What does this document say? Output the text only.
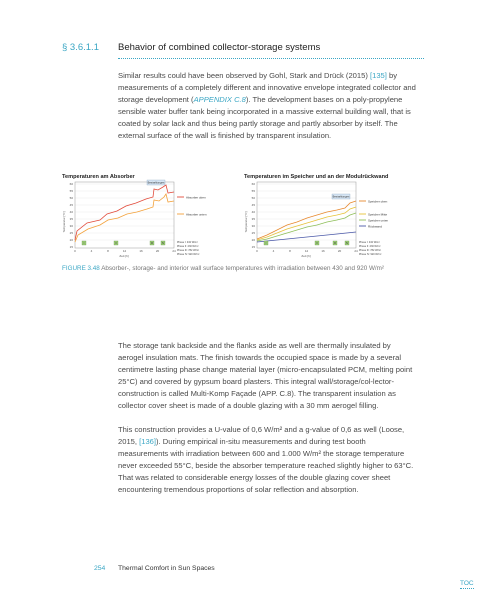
§ 3.6.1.1 Behavior of combined collector-storage systems

Similar results could have been observed by Gohl, Stark and Drück (2015) [135] by measurements of a completely different and innovative envelope integrated collector and storage development (APPENDIX C.8). The development bases on a poly-propylene sensible water buffer tank being incorporated in a massive external building wall, that is coated by solar lack and thus being partly storage and partly absorber by itself. The external surface of the wall is finished by transparent insulation.

Temperaturen am Absorber
Temperatur [°C]
60
55
50
45
40
35
30
25
20
15
Bestrahlungen
Absorber oben
Absorber unten
I	II	III	IV
0	4	8	12	16	20	24
Zeit [h]
Phase I: 432 W/m²
Phase II: 430 W/m²
Phase III: 782 W/m²
Phase IV: 920 W/m²
Temperaturen im Speicher und an der Modulrückwand
Temperatur [°C]
60
55
50
45
40
35
30
25
20
15
Bestrahlungen
Speicher oben
Speicher Mitte
Speicher unten
Rückwand
I	II	III	IV
0	4	8	12	16	20	24
Zeit [h]
Phase I: 432 W/m²
Phase II: 430 W/m²
Phase III: 782 W/m²
Phase IV: 920 W/m²
FIGURE 3.48 Absorber-, storage- and interior wall surface temperatures with irradiation between 430 and 920 W/m²

The storage tank backside and the flanks aside as well are thermally insulated by aerogel insulation mats. The finish towards the occupied space is made by a several centimetre lasting phase change material layer (micro-encapsulated PCM, melting point 25°C) and covered by gypsum board plasters. This integral wall/storage/col-lector-construction is called Multi-Komp Façade (APP. C.8). The transparent insulation as collector cover sheet is made of a double glazing with a 30 mm aerogel filling.

This construction provides a U-value of 0,6 W/m² and a g-value of 0,6 as well (Loose, 2015, [136]). During empirical in-situ measurements and during test booth measurements with irradiation between 600 and 1.000 W/m² the storage temperature never exceeded 55°C, beside the absorber temperature reached slightly higher to 63°C. That was related to considerable energy losses of the double glazing cover sheet encountering tremendous proportions of solar reflection and absorption.

254 Thermal Comfort in Sun Spaces
TOC
